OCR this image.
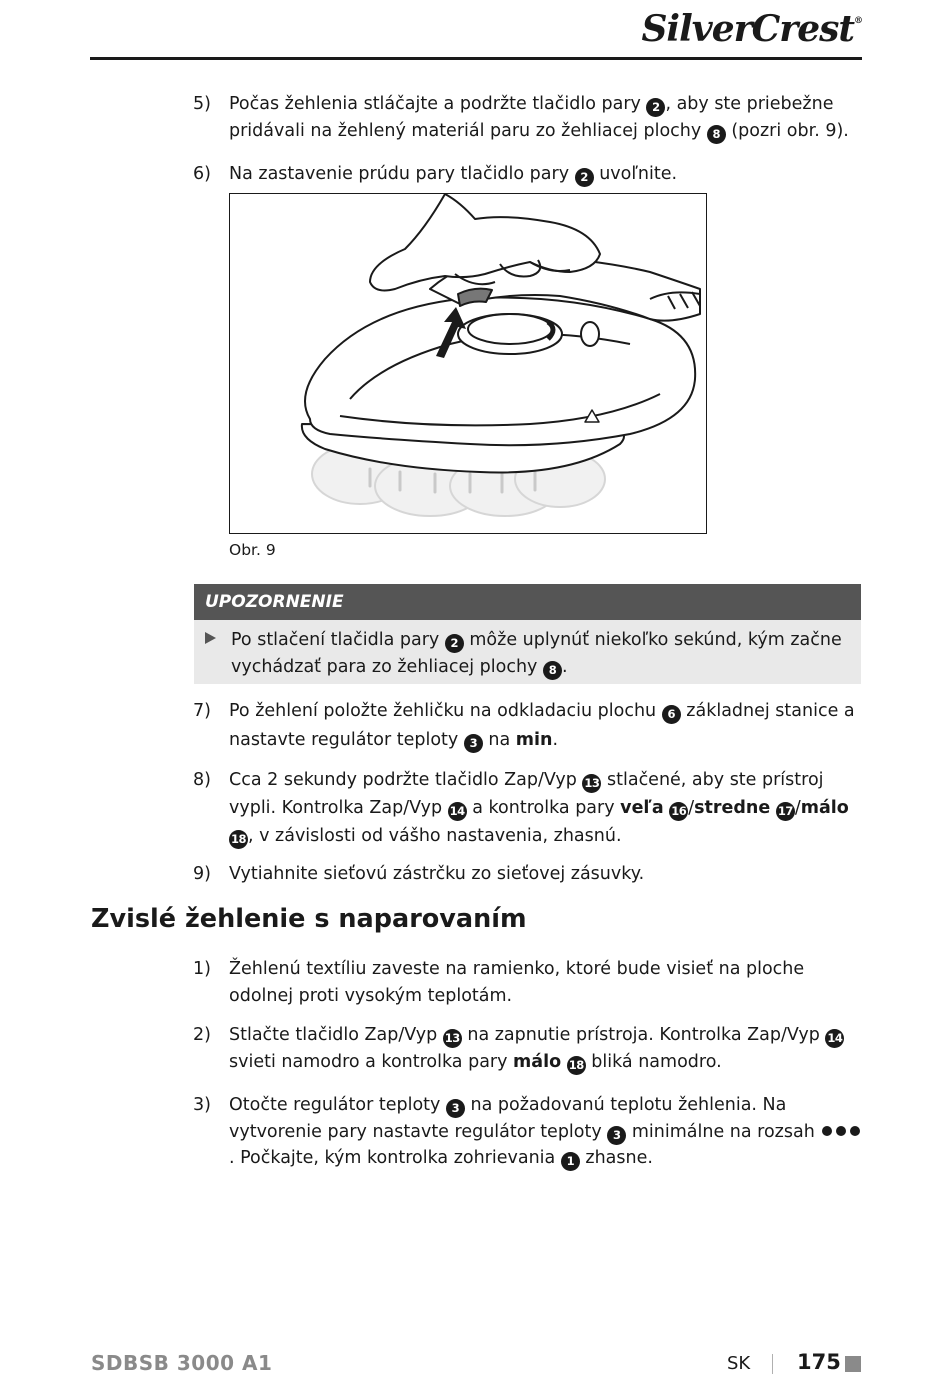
SilverCrest®
5) Počas žehlenia stláčajte a podržte tlačidlo pary 2 , aby ste priebežne pridávali na žehlený materiál paru zo žehliacej plochy 8 (pozri obr. 9).
6) Na zastavenie prúdu pary tlačidlo pary 2 uvoľnite.
Obr. 9
UPOZORNENIE
Po stlačení tlačidla pary 2 môže uplynúť niekoľko sekúnd, kým začne vychádzať para zo žehliacej plochy 8 .
7) Po žehlení položte žehličku na odkladaciu plochu 6 základnej stanice a nastavte regulátor teploty 3 na min.
8) Cca 2 sekundy podržte tlačidlo Zap/Vyp 13 stlačené, aby ste prístroj vypli. Kontrolka Zap/Vyp 14 a kontrolka pary veľa 16 /stredne 17 /málo 18 , v závislosti od vášho nastavenia, zhasnú.
9) Vytiahnite sieťovú zástrčku zo sieťovej zásuvky.
Zvislé žehlenie s naparovaním
1) Žehlenú textíliu zaveste na ramienko, ktoré bude visieť na ploche odolnej proti vysokým teplotám.
2) Stlačte tlačidlo Zap/Vyp 13 na zapnutie prístroja. Kontrolka Zap/Vyp 14 svieti namodro a kontrolka pary málo 18 bliká namodro.
3) Otočte regulátor teploty 3 na požadovanú teplotu žehlenia. Na vytvorenie pary nastavte regulátor teploty 3 minimálne na rozsah . Počkajte, kým kontrolka zohrievania 1 zhasne.
SDBSB 3000 A1	SK 175
